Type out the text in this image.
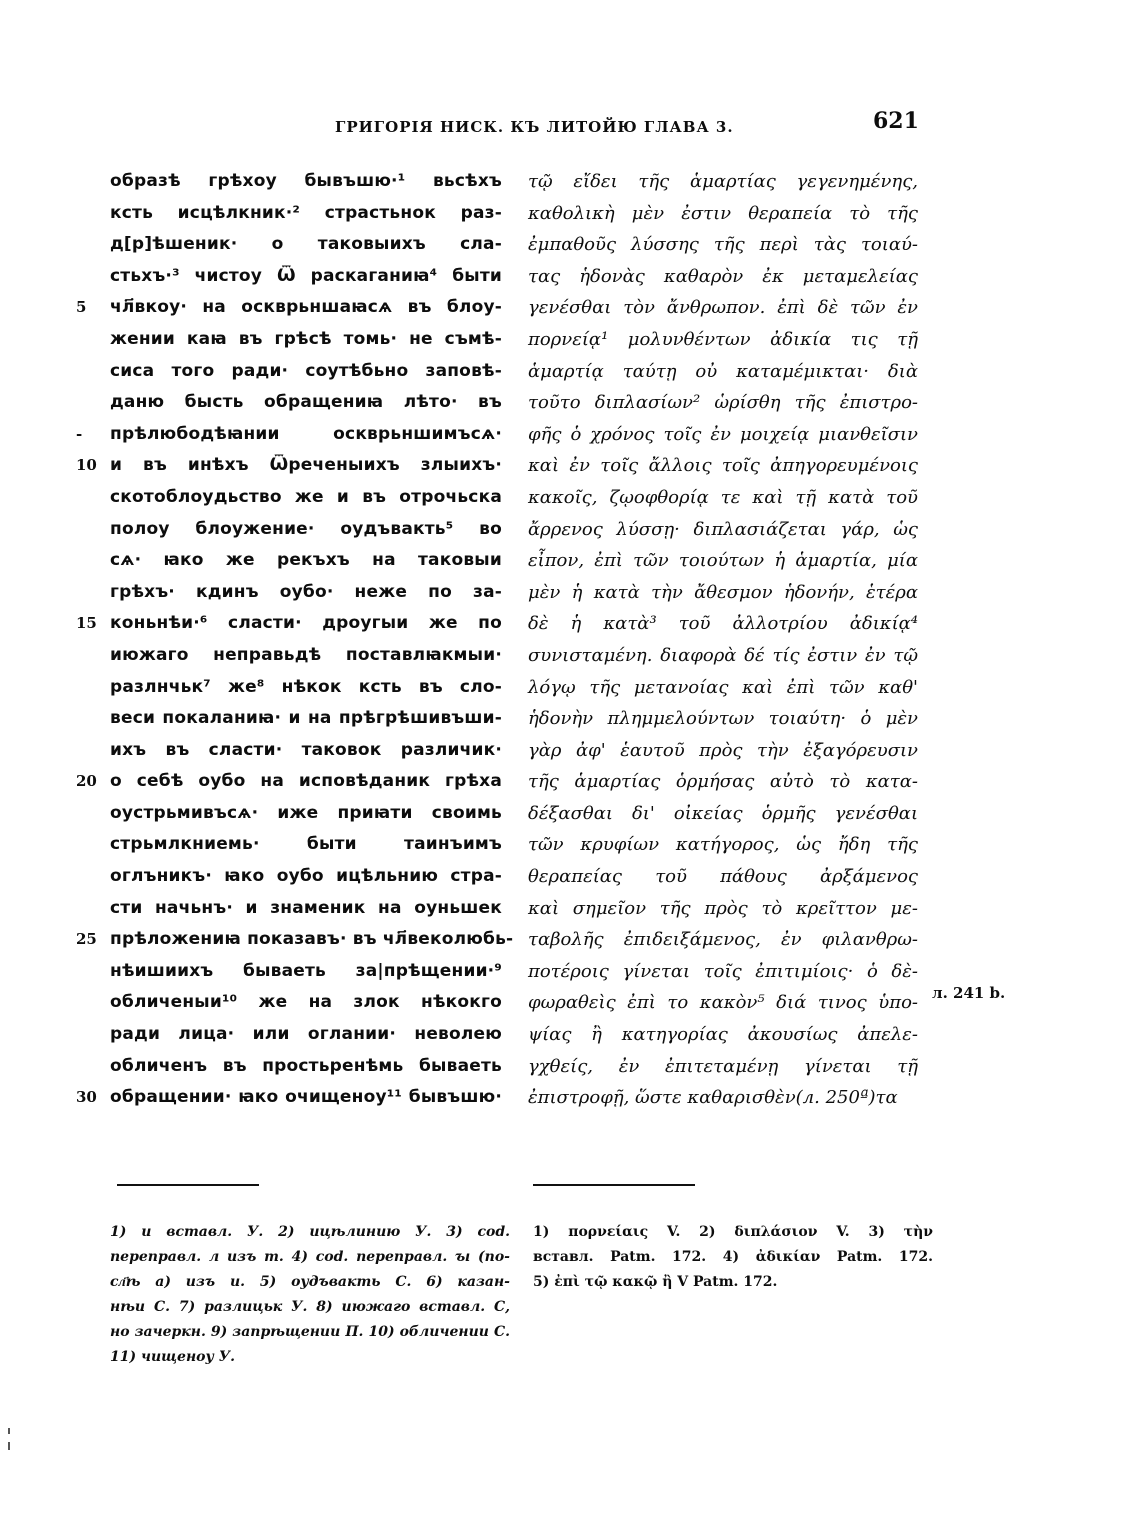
ГРИГОРІЯ НИСК. КЪ ЛИТОЙЮ ГЛАВА 3.	621
образѣ грѣхоу бывъшю·¹ вьсѣхъ
ксть исцѣлкник·² страстьнок раз-
д[р]ѣшеник· о таковыихъ сла-
стьхъ·³ чистоу Ѿ раскаганиꙗ⁴ быти
5	чл҃вкоу· на оскврьншаꙗсѧ въ блоу-
жении каꙗ въ грѣсѣ томь· не съмѣ-
сиса того ради· соутѣбьно заповѣ-
даню бысть обращениꙗ лѣто· въ
-	прѣлюбодѣꙗнии оскврьншимъсѧ·
10 и въ инѣхъ Ѿреченыихъ злыихъ·
скотоблоудьство же и въ отрочьска
полоу блоужение· оудъвакть⁵ во
сѧ· ꙗко же рекъхъ на таковыи
грѣхъ· кдинъ оубо· неже по за-
15 коньнѣи·⁶ сласти· дроугыи же по
июжаго неправьдѣ поставлꙗкмыи·
разлнчьк⁷ же⁸ нѣкок ксть въ сло-
веси покаланиꙗ· и на прѣгрѣшивъши-
ихъ въ сласти· таковок различик·
20 о себѣ оубо на исповѣданик грѣха
оустрьмивъсѧ· иже приꙗти своимь
стрьмлкниемь· быти таинъимъ
оглъникъ· ꙗко оубо ицѣльнию стра-
сти начьнъ· и знаменик на оуньшек
25 прѣложениꙗ показавъ· въ чл҃веколюбь-
нѣишиихъ бываеть за|прѣщении·⁹
обличеныи¹⁰ же на злок нѣкокго
ради лица· или оглании· неволею
обличенъ въ простьренѣмь бываеть
30 обращении· ꙗко очищеноу¹¹ бывъшю·
τῷ εἴδει τῆς ἁμαρτίας γεγενημένης,
καθολικὴ μὲν ἐστιν θεραπεία τὸ τῆς
ἐμπαθοῦς λύσσης τῆς περὶ τὰς τοιαύ-
τας ἡδονὰς καθαρὸν ἐκ μεταμελείας
γενέσθαι τὸν ἄνθρωπον. ἐπὶ δὲ τῶν ἐν
πορνείᾳ¹ μολυνθέντων ἀδικία τις τῇ
ἁμαρτίᾳ ταύτῃ οὐ καταμέμικται· διὰ
τοῦτο διπλασίων² ὡρίσθη τῆς ἐπιστρο-
φῆς ὁ χρόνος τοῖς ἐν μοιχείᾳ μιανθεῖσιν
καὶ ἐν τοῖς ἄλλοις τοῖς ἀπηγορευμένοις
κακοῖς, ζῳοφθορίᾳ τε καὶ τῇ κατὰ τοῦ
ἄρρενος λύσσῃ· διπλασιάζεται γάρ, ὡς
εἶπον, ἐπὶ τῶν τοιούτων ἡ ἁμαρτία, μία
μὲν ἡ κατὰ τὴν ἄθεσμον ἡδονήν, ἑτέρα
δὲ ἡ κατὰ³ τοῦ ἀλλοτρίου ἀδικίᾳ⁴
συνισταμένη. διαφορὰ δέ τίς ἐστιν ἐν τῷ
λόγῳ τῆς μετανοίας καὶ ἐπὶ τῶν καθ'
ἡδονὴν πλημμελούντων τοιαύτη· ὁ μὲν
γὰρ ἀφ' ἑαυτοῦ πρὸς τὴν ἐξαγόρευσιν
τῆς ἁμαρτίας ὁρμήσας αὐτὸ τὸ κατα-
δέξασθαι δι' οἰκείας ὁρμῆς γενέσθαι
τῶν κρυφίων κατήγορος, ὡς ἤδη τῆς
θεραπείας τοῦ πάθους ἀρξάμενος
καὶ σημεῖον τῆς πρὸς τὸ κρεῖττον με-
ταβολῆς ἐπιδειξάμενος, ἐν φιλανθρω-
ποτέροις γίνεται τοῖς ἐπιτιμίοις· ὁ δὲ-
φωραθεὶς ἐπὶ το κακὸν⁵ διά τινος ὑπο-
ψίας ἢ κατηγορίας ἀκουσίως ἀπελε-
γχθείς, ἐν ἐπιτεταμένῃ γίνεται τῇ
ἐπιστροφῇ, ὥστε καθαρισθὲν(л. 250ª)τα
л. 241 b.
1) и вставл. У. 2) ицѣлинию У. 3) cod.
переправл. л изъ т. 4) cod. переправл. ꙑ (по-
сл҃ѣ а) изъ и. 5) оудъвакть С. 6) казан-
нѣи С. 7) разлицьк У. 8) июжаго вставл. С,
но зачеркн. 9) запрѣщении П. 10) обличении С.
11) чищеноу У.
1) πορνείαις V. 2) διπλάσιον V. 3) τὴν
вставл. Patm. 172. 4) ἀδικίαν Patm. 172.
5) ἐπὶ τῷ κακῷ ἢ V Patm. 172.
